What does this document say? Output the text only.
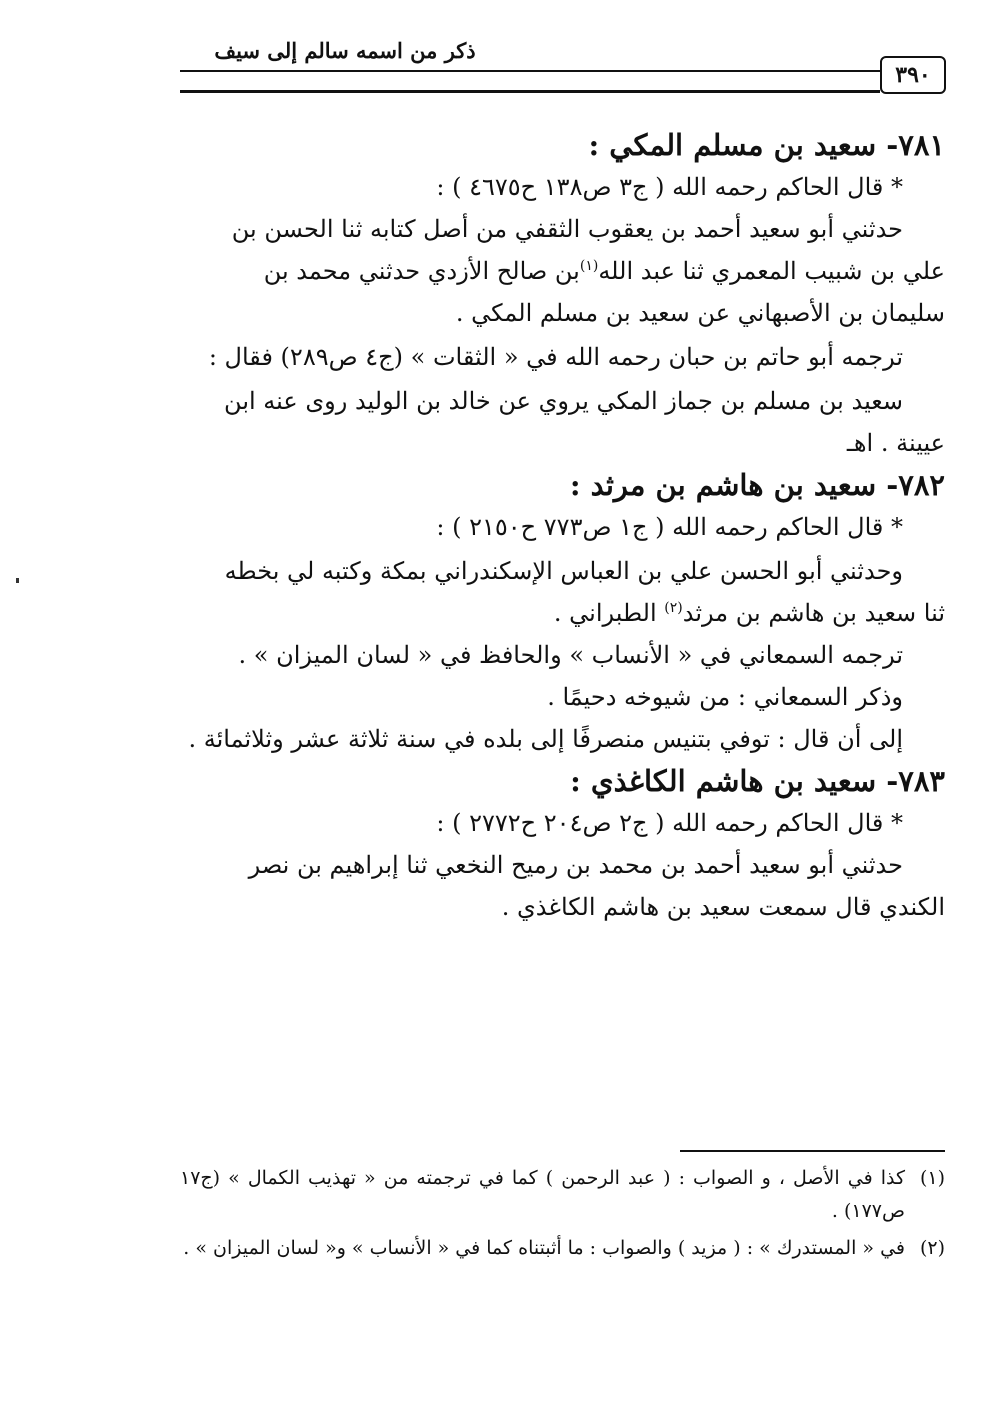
ذكر من اسمه سالم إلى سيف
٣٩٠

٧٨١- سعيد بن مسلم المكي :

* قال الحاكم رحمه الله ( ج٣ ص١٣٨ ح٤٦٧٥ ) :

حدثني أبو سعيد أحمد بن يعقوب الثقفي من أصل كتابه ثنا الحسن بن

علي بن شبيب المعمري ثنا عبد الله$^{(١)}$بن صالح الأزدي حدثني محمد بن

سليمان بن الأصبهاني عن سعيد بن مسلم المكي .

ترجمه أبو حاتم بن حبان رحمه الله في « الثقات » (ج٤ ص٢٨٩) فقال :

سعيد بن مسلم بن جماز المكي يروي عن خالد بن الوليد روى عنه ابن

عيينة . اهـ

٧٨٢- سعيد بن هاشم بن مرثد :

* قال الحاكم رحمه الله ( ج١ ص٧٧٣ ح٢١٥٠ ) :

وحدثني أبو الحسن علي بن العباس الإسكندراني بمكة وكتبه لي بخطه

ثنا سعيد بن هاشم بن مرثد$^{(٢)}$ الطبراني .

ترجمه السمعاني في « الأنساب » والحافظ في « لسان الميزان » .

وذكر السمعاني : من شيوخه دحيمًا .

إلى أن قال : توفي بتنيس منصرفًا إلى بلده في سنة ثلاثة عشر وثلاثمائة .

٧٨٣- سعيد بن هاشم الكاغذي :

* قال الحاكم رحمه الله ( ج٢ ص٢٠٤ ح٢٧٧٢ ) :

حدثني أبو سعيد أحمد بن محمد بن رميح النخعي ثنا إبراهيم بن نصر

الكندي قال سمعت سعيد بن هاشم الكاغذي .

(١)
كذا في الأصل ، و الصواب : ( عبد الرحمن ) كما في ترجمته من « تهذيب الكمال » (ج١٧ ص١٧٧) .

(٢)
في « المستدرك » : ( مزيد ) والصواب : ما أثبتناه كما في « الأنساب » و« لسان الميزان » .
